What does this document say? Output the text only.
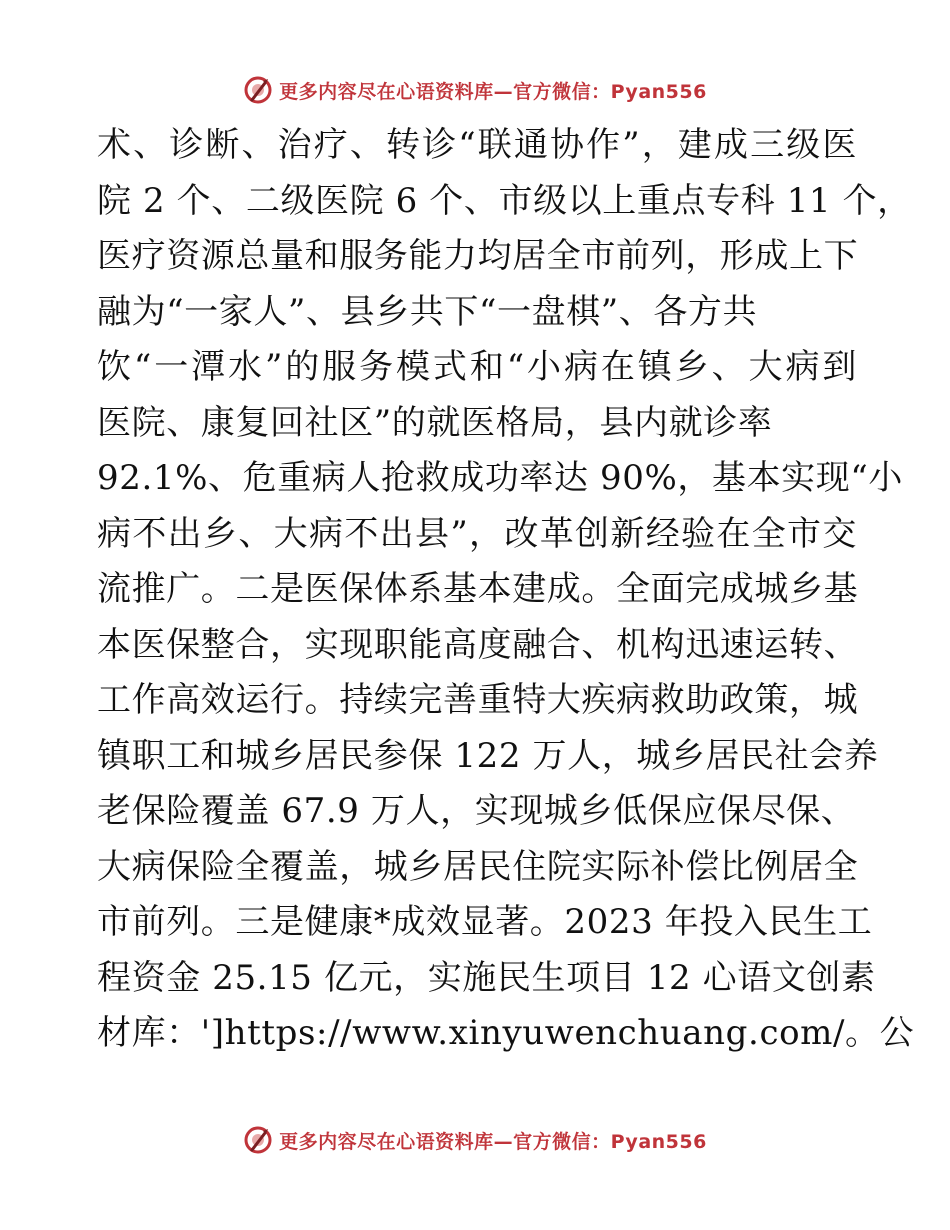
更多内容尽在心语资料库—官方微信：Pyan556
术、诊断、治疗、转诊“联通协作”，建成三级医
院 2 个、二级医院 6 个、市级以上重点专科 11 个，
医疗资源总量和服务能力均居全市前列，形成上下
融为“一家人”、县乡共下“一盘棋”、各方共
饮“一潭水”的服务模式和“小病在镇乡、大病到
医院、康复回社区”的就医格局，县内就诊率
92.1%、危重病人抢救成功率达 90%，基本实现“小
病不出乡、大病不出县”，改革创新经验在全市交
流推广。二是医保体系基本建成。全面完成城乡基
本医保整合，实现职能高度融合、机构迅速运转、
工作高效运行。持续完善重特大疾病救助政策，城
镇职工和城乡居民参保 122 万人，城乡居民社会养
老保险覆盖 67.9 万人，实现城乡低保应保尽保、
大病保险全覆盖，城乡居民住院实际补偿比例居全
市前列。三是健康*成效显著。2023 年投入民生工
程资金 25.15 亿元，实施民生项目 12 心语文创素
材库：']https://www.xinyuwenchuang.com/。公
更多内容尽在心语资料库—官方微信：Pyan556
